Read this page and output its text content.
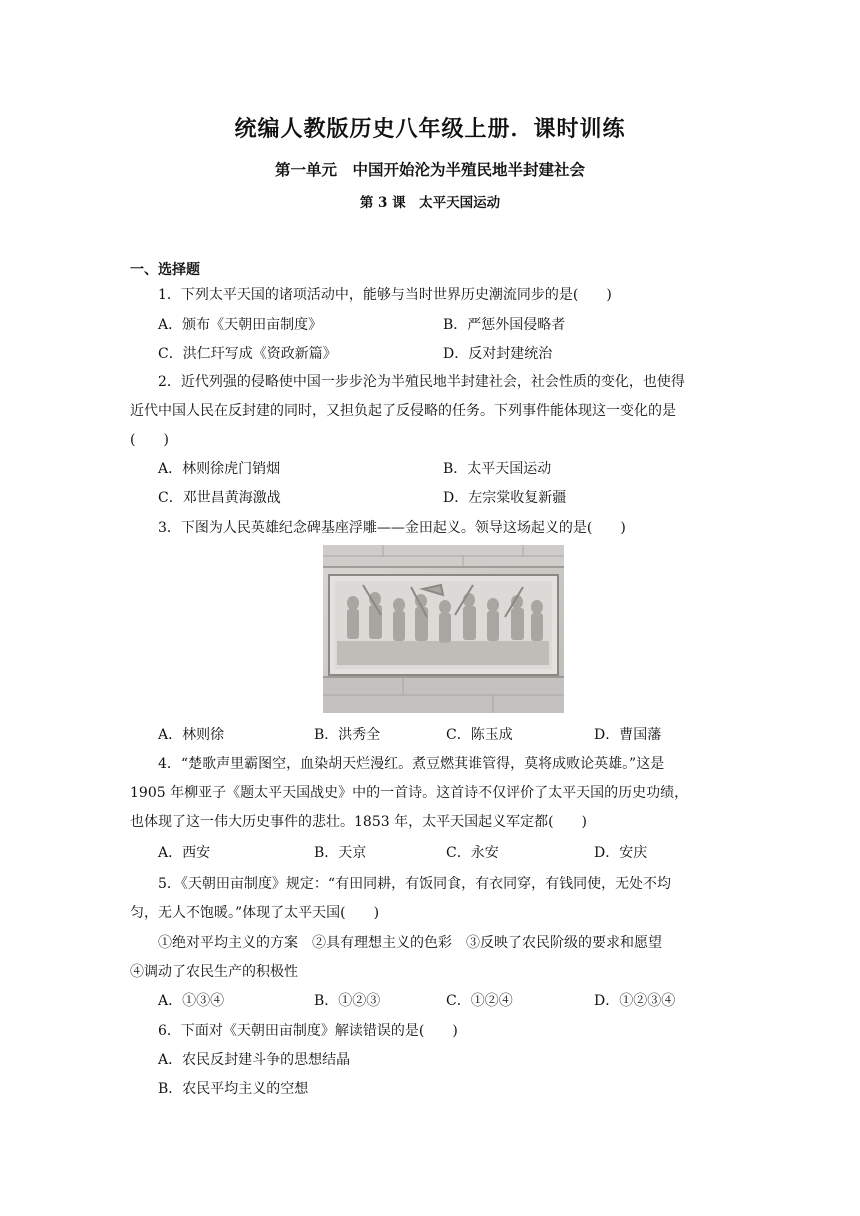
统编人教版历史八年级上册．课时训练
第一单元　中国开始沦为半殖民地半封建社会
第 3 课　太平天国运动
一、选择题
1．下列太平天国的诸项活动中，能够与当时世界历史潮流同步的是(　　)
A．颁布《天朝田亩制度》	B．严惩外国侵略者
C．洪仁玕写成《资政新篇》	D．反对封建统治
2．近代列强的侵略使中国一步步沦为半殖民地半封建社会，社会性质的变化，也使得
近代中国人民在反封建的同时，又担负起了反侵略的任务。下列事件能体现这一变化的是
(　　)
A．林则徐虎门销烟	B．太平天国运动
C．邓世昌黄海激战	D．左宗棠收复新疆
3．下图为人民英雄纪念碑基座浮雕——金田起义。领导这场起义的是(　　)
A．林则徐	B．洪秀全	C．陈玉成	D．曹国藩
4．“楚歌声里霸图空，血染胡天烂漫红。煮豆燃萁谁管得，莫将成败论英雄。”这是
1905 年柳亚子《题太平天国战史》中的一首诗。这首诗不仅评价了太平天国的历史功绩，
也体现了这一伟大历史事件的悲壮。1853 年，太平天国起义军定都(　　)
A．西安	B．天京	C．永安	D．安庆
5．《天朝田亩制度》规定：“有田同耕，有饭同食，有衣同穿，有钱同使，无处不均
匀，无人不饱暖。”体现了太平天国(　　)
①绝对平均主义的方案　②具有理想主义的色彩　③反映了农民阶级的要求和愿望
④调动了农民生产的积极性
A．①③④	B．①②③	C．①②④	D．①②③④
6．下面对《天朝田亩制度》解读错误的是(　　)
A．农民反封建斗争的思想结晶
B．农民平均主义的空想
